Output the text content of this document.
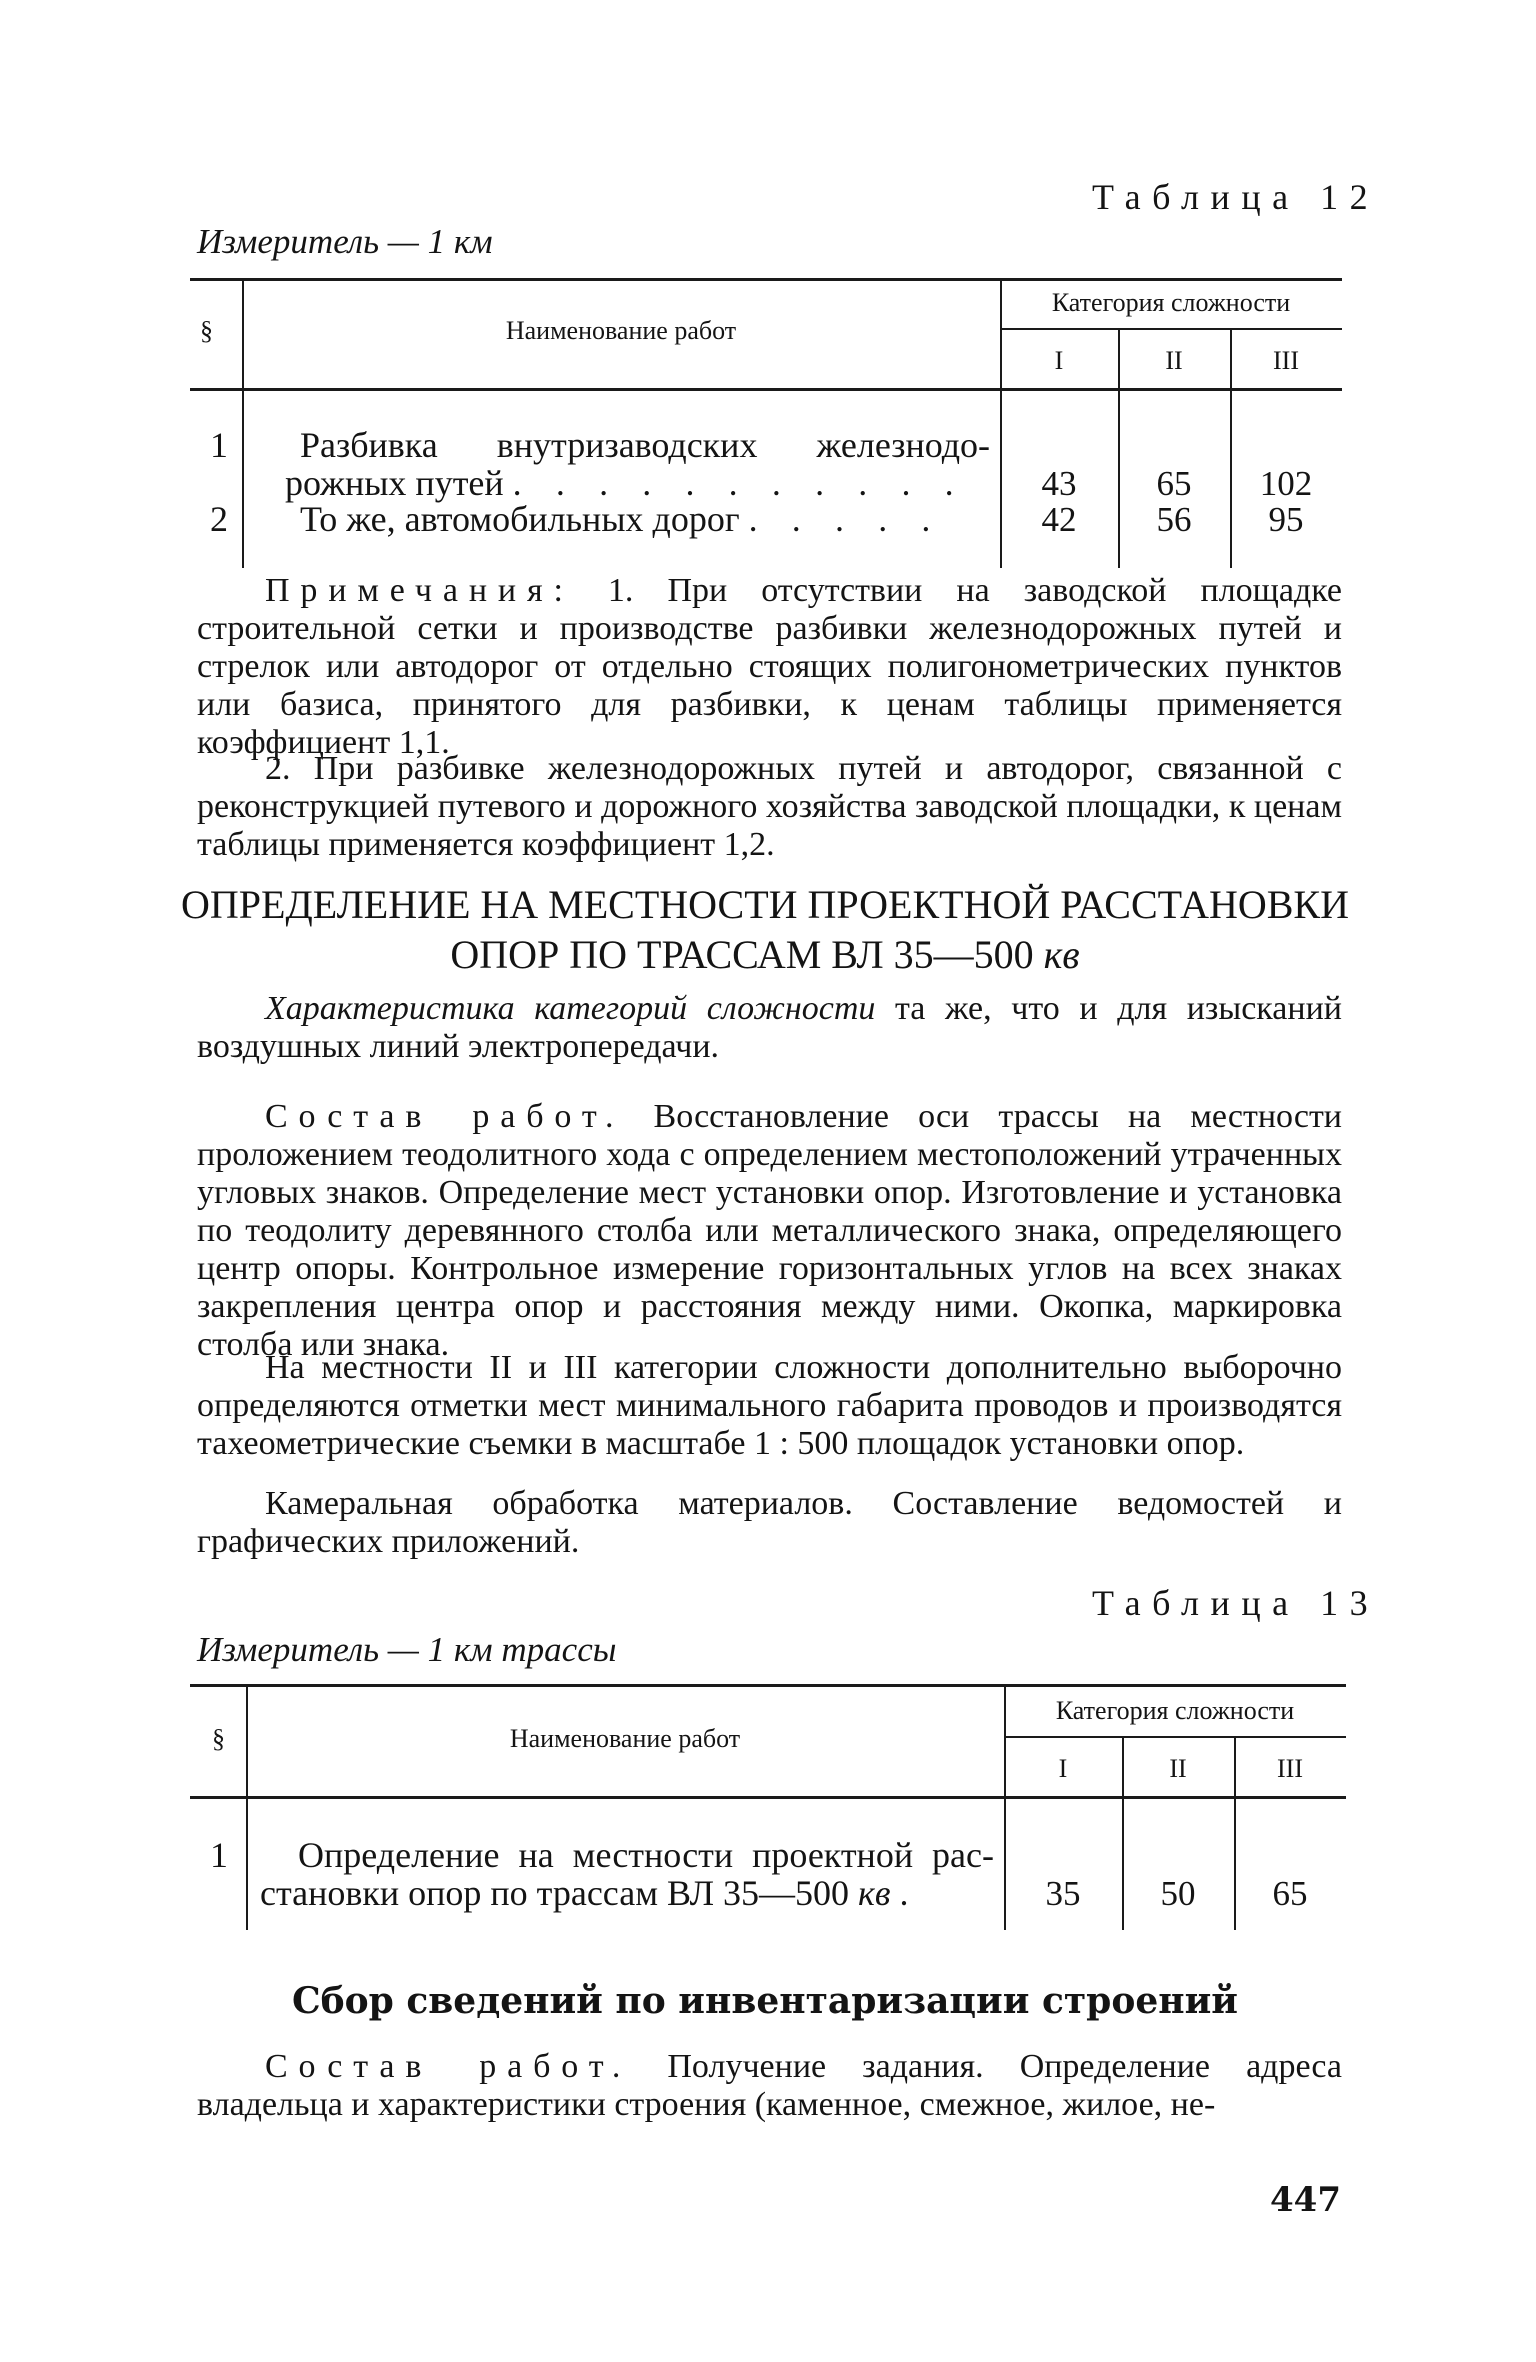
Таблица 12
Измеритель — 1 км
§	Наименование работ
Категория сложности
I	II	III
1 Разбивка внутризаводских железнодо-
рожных путей . . . . . . . . . . .	43	65	102
2 То же, автомобильных дорог . . . . .	42	56	95
Примечания: 1. При отсутствии на заводской площадке строительной сетки и производстве разбивки железнодорожных путей и стрелок или автодорог от отдельно стоящих полигонометрических пунктов или базиса, принятого для разбивки, к ценам таблицы применяется коэффициент 1,1.
2. При разбивке железнодорожных путей и автодорог, связанной с реконструкцией путевого и дорожного хозяйства заводской площадки, к ценам таблицы применяется коэффициент 1,2.
ОПРЕДЕЛЕНИЕ НА МЕСТНОСТИ ПРОЕКТНОЙ РАССТАНОВКИ
ОПОР ПО ТРАССАМ ВЛ 35—500 кв
Характеристика категорий сложности та же, что и для изысканий воздушных линий электропередачи.
Состав работ. Восстановление оси трассы на местности проложением теодолитного хода с определением местоположений утраченных угловых знаков. Определение мест установки опор. Изготовление и установка по теодолиту деревянного столба или металлического знака, определяющего центр опоры. Контрольное измерение горизонтальных углов на всех знаках закрепления центра опор и расстояния между ними. Окопка, маркировка столба или знака.
На местности II и III категории сложности дополнительно выборочно определяются отметки мест минимального габарита проводов и производятся тахеометрические съемки в масштабе 1 : 500 площадок установки опор.
Камеральная обработка материалов. Составление ведомостей и графических приложений.
Таблица 13
Измеритель — 1 км трассы
§	Наименование работ
Категория сложности
I	II	III
1 Определение на местности проектной рас-
становки опор по трассам ВЛ 35—500 кв .	35	50	65
Сбор сведений по инвентаризации строений
Состав работ. Получение задания. Определение адреса владельца и характеристики строения (каменное, смежное, жилое, не-
447
